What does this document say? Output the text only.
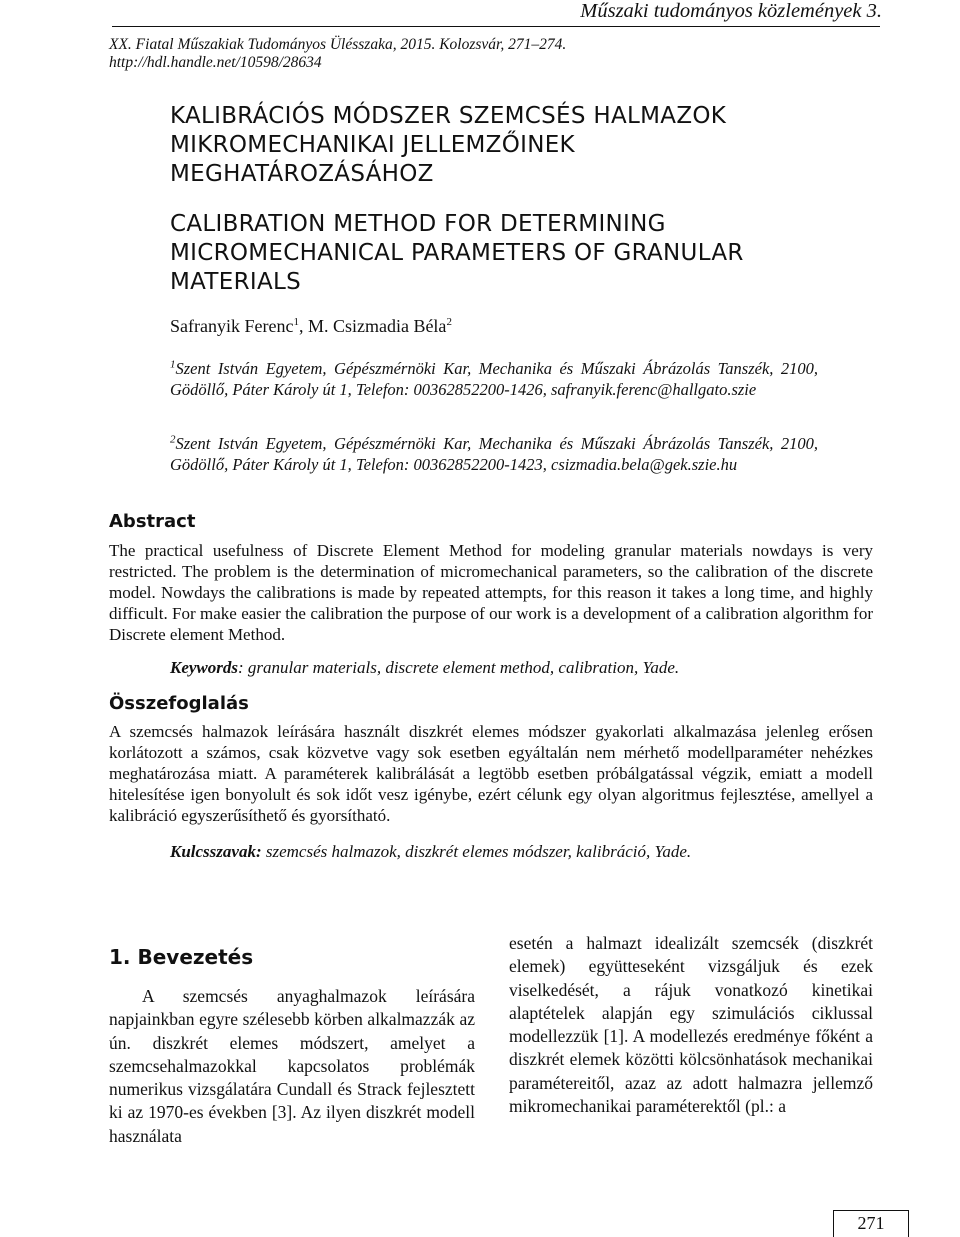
Műszaki tudományos közlemények 3.
XX. Fiatal Műszakiak Tudományos Ülésszaka, 2015. Kolozsvár, 271–274.
http://hdl.handle.net/10598/28634
KALIBRÁCIÓS MÓDSZER SZEMCSÉS HALMAZOK
MIKROMECHANIKAI JELLEMZŐINEK
MEGHATÁROZÁSÁHOZ
CALIBRATION METHOD FOR DETERMINING
MICROMECHANICAL PARAMETERS OF GRANULAR
MATERIALS
Safranyik Ferenc$^1$, M. Csizmadia Béla$^2$
$^1$Szent István Egyetem, Gépészmérnöki Kar, Mechanika és Műszaki Ábrázolás Tanszék, 2100, Gödöllő, Páter Károly út 1, Telefon: 00362852200-1426, safranyik.ferenc@hallgato.szie
$^2$Szent István Egyetem, Gépészmérnöki Kar, Mechanika és Műszaki Ábrázolás Tanszék, 2100, Gödöllő, Páter Károly út 1, Telefon: 00362852200-1423, csizmadia.bela@gek.szie.hu
Abstract
The practical usefulness of Discrete Element Method for modeling granular materials nowdays is very restricted. The problem is the determination of micromechanical parameters, so the calibration of the discrete model. Nowdays the calibrations is made by repeated attempts, for this reason it takes a long time, and highly difficult. For make easier the calibration the purpose of our work is a development of a calibration algorithm for Discrete element Method.
Keywords: granular materials, discrete element method, calibration, Yade.
Összefoglalás
A szemcsés halmazok leírására használt diszkrét elemes módszer gyakorlati alkalmazása jelenleg erősen korlátozott a számos, csak közvetve vagy sok esetben egyáltalán nem mérhető modellparaméter nehézkes meghatározása miatt. A paraméterek kalibrálását a legtöbb esetben próbálgatással végzik, emiatt a modell hitelesítése igen bonyolult és sok időt vesz igénybe, ezért célunk egy olyan algoritmus fejlesztése, amellyel a kalibráció egyszerűsíthető és gyorsítható.
Kulcsszavak: szemcsés halmazok, diszkrét elemes módszer, kalibráció, Yade.
1. Bevezetés
A szemcsés anyaghalmazok leírására napjainkban egyre szélesebb körben alkalmazzák az ún. diszkrét elemes módszert, amelyet a szemcsehalmazokkal kapcsolatos problémák numerikus vizsgálatára Cundall és Strack fejlesztett ki az 1970-es években [3]. Az ilyen diszkrét modell használata
esetén a halmazt idealizált szemcsék (diszkrét elemek) együtteseként vizsgáljuk és ezek viselkedését, a rájuk vonatkozó kinetikai alaptételek alapján egy szimulációs ciklussal modellezzük [1]. A modellezés eredménye főként a diszkrét elemek közötti kölcsönhatások mechanikai paramétereitől, azaz az adott halmazra jellemző mikromechanikai paraméterektől (pl.: a
271
